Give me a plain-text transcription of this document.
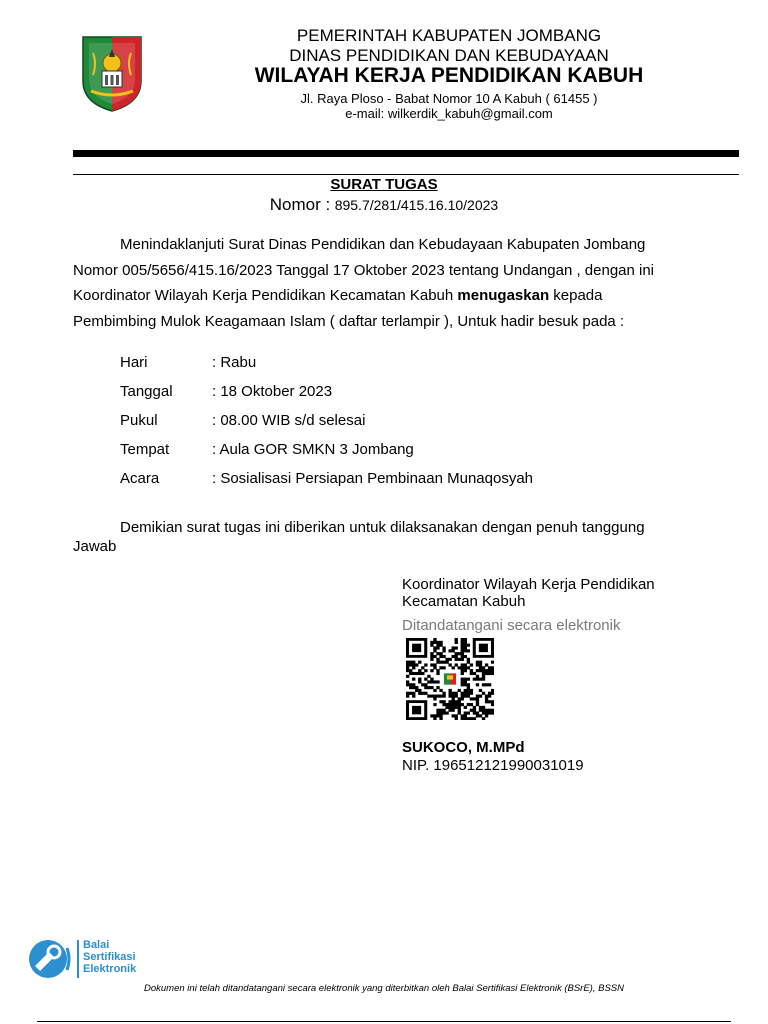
PEMERINTAH KABUPATEN JOMBANG
DINAS PENDIDIKAN DAN KEBUDAYAAN
WILAYAH KERJA PENDIDIKAN KABUH
Jl. Raya Ploso - Babat Nomor 10 A Kabuh ( 61455 )
e-mail: wilkerdik_kabuh@gmail.com
SURAT TUGAS
Nomor : 895.7/281/415.16.10/2023
Menindaklanjuti Surat Dinas Pendidikan dan Kebudayaan Kabupaten Jombang
Nomor 005/5656/415.16/2023 Tanggal 17 Oktober 2023 tentang Undangan , dengan ini
Koordinator Wilayah Kerja Pendidikan Kecamatan Kabuh menugaskan kepada
Pembimbing Mulok Keagamaan Islam ( daftar terlampir ), Untuk hadir besuk pada :
Hari	: Rabu
Tanggal	: 18 Oktober 2023
Pukul	: 08.00 WIB s/d selesai
Tempat	: Aula GOR SMKN 3 Jombang
Acara	: Sosialisasi Persiapan Pembinaan Munaqosyah
Demikian surat tugas ini diberikan untuk dilaksanakan dengan penuh tanggung
Jawab
Koordinator Wilayah Kerja Pendidikan
Kecamatan Kabuh
Ditandatangani secara elektronik
SUKOCO, M.MPd
NIP. 196512121990031019
Balai
Sertifikasi
Elektronik
Dokumen ini telah ditandatangani secara elektronik yang diterbitkan oleh Balai Sertifikasi Elektronik (BSrE), BSSN
